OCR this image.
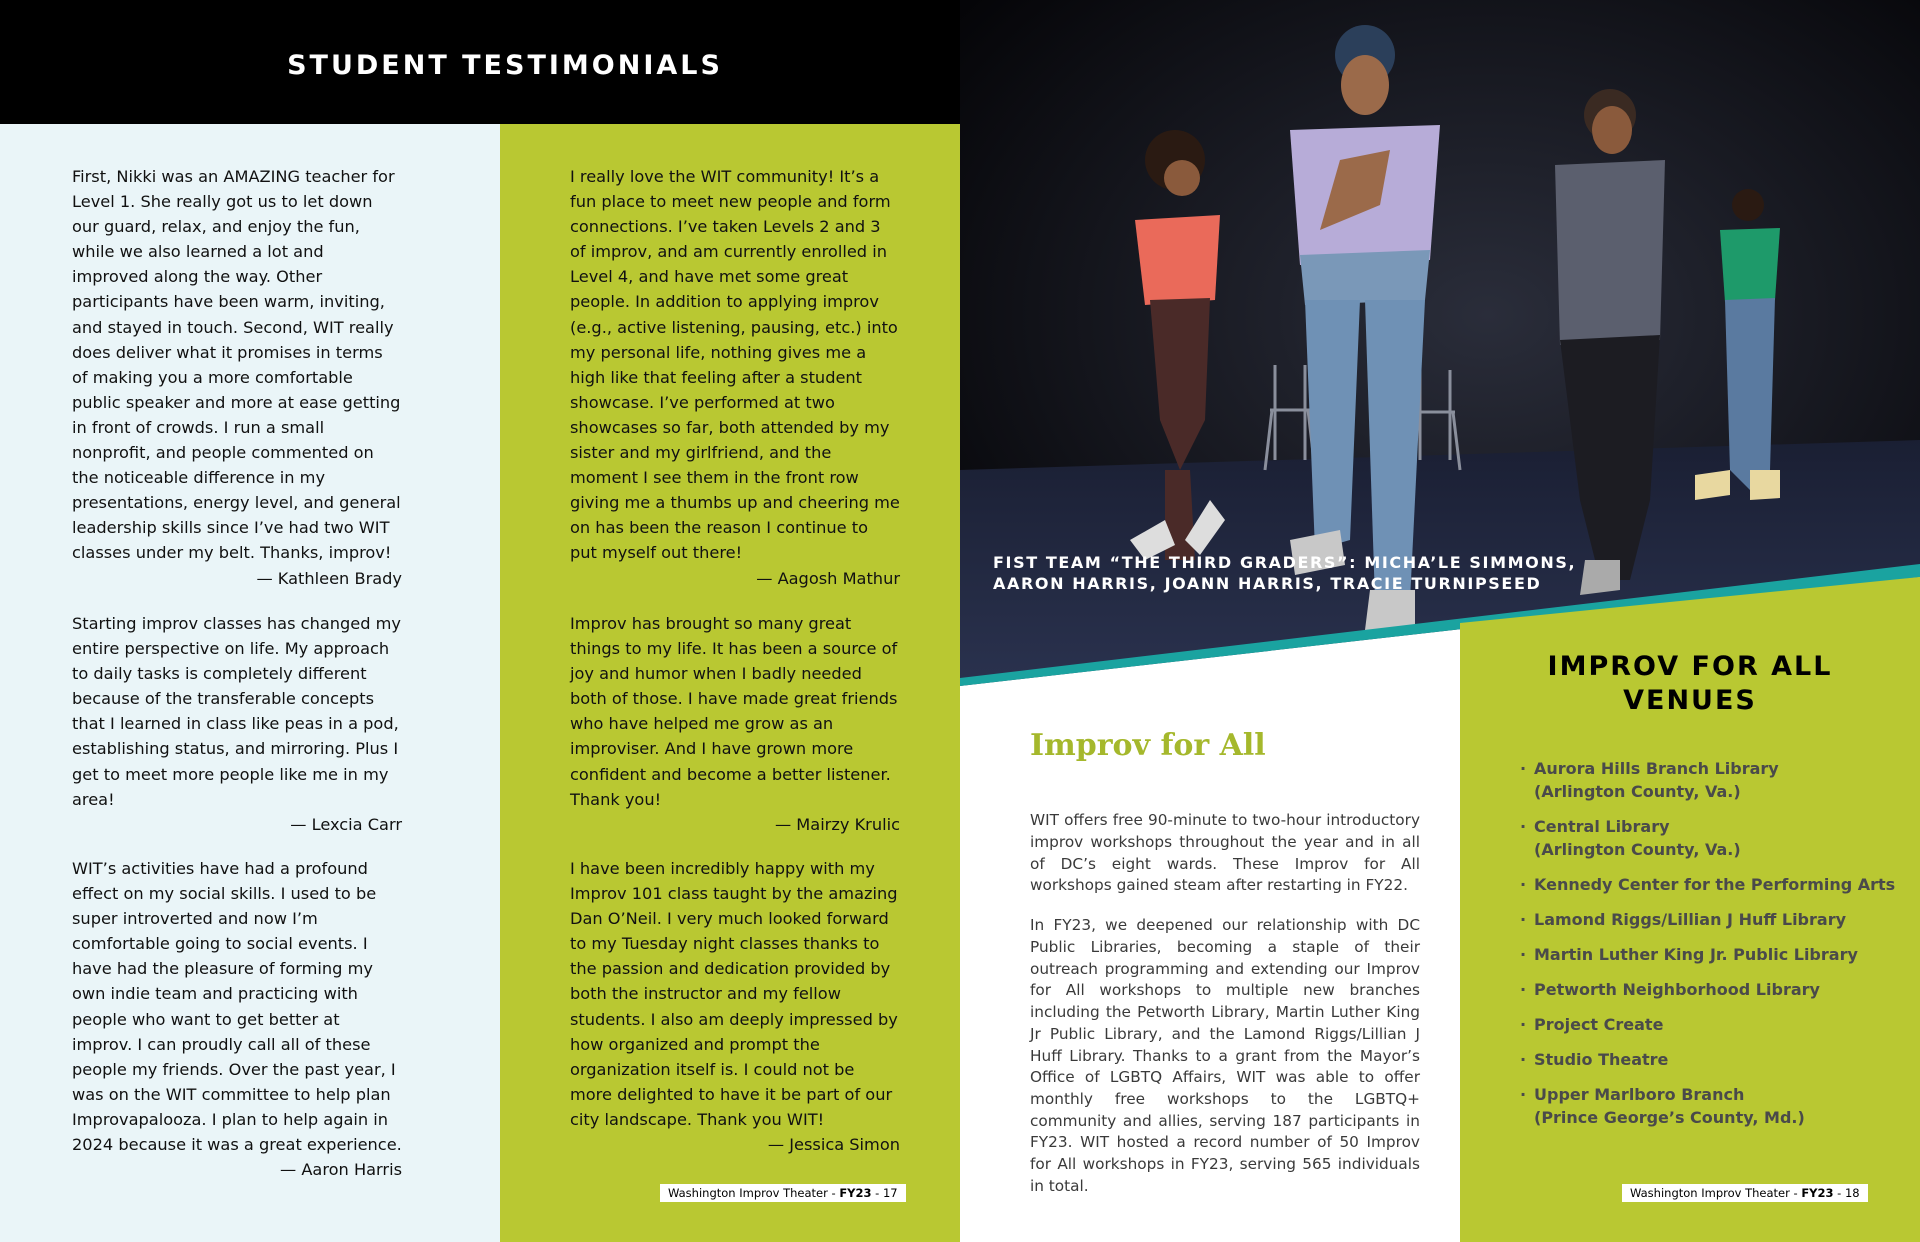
STUDENT TESTIMONIALS

First, Nikki was an AMAZING teacher for Level 1. She really got us to let down our guard, relax, and enjoy the fun, while we also learned a lot and improved along the way. Other participants have been warm, inviting, and stayed in touch. Second, WIT really does deliver what it promises in terms of making you a more comfortable public speaker and more at ease getting in front of crowds. I run a small nonprofit, and people commented on the noticeable difference in my presentations, energy level, and general leadership skills since I’ve had two WIT classes under my belt. Thanks, improv!

— Kathleen Brady

Starting improv classes has changed my entire perspective on life. My approach to daily tasks is completely different because of the transferable concepts that I learned in class like peas in a pod, establishing status, and mirroring. Plus I get to meet more people like me in my area!

— Lexcia Carr

WIT’s activities have had a profound effect on my social skills. I used to be super introverted and now I’m comfortable going to social events. I have had the pleasure of forming my own indie team and practicing with people who want to get better at improv. I can proudly call all of these people my friends. Over the past year, I was on the WIT committee to help plan Improvapalooza. I plan to help again in 2024 because it was a great experience.

— Aaron Harris

I really love the WIT community! It’s a fun place to meet new people and form connections. I’ve taken Levels 2 and 3 of improv, and am currently enrolled in Level 4, and have met some great people. In addition to applying improv (e.g., active listening, pausing, etc.) into my personal life, nothing gives me a high like that feeling after a student showcase. I’ve performed at two showcases so far, both attended by my sister and my girlfriend, and the moment I see them in the front row giving me a thumbs up and cheering me on has been the reason I continue to put myself out there!

— Aagosh Mathur

Improv has brought so many great things to my life. It has been a source of joy and humor when I badly needed both of those. I have made great friends who have helped me grow as an improviser. And I have grown more confident and become a better listener. Thank you!

— Mairzy Krulic

I have been incredibly happy with my Improv 101 class taught by the amazing Dan O’Neil. I very much looked forward to my Tuesday night classes thanks to the passion and dedication provided by both the instructor and my fellow students. I also am deeply impressed by how organized and prompt the organization itself is. I could not be more delighted to have it be part of our city landscape. Thank you WIT!

— Jessica Simon

Washington Improv Theater - FY23 - 17
FIST TEAM “THE THIRD GRADERS”: MICHA’LE SIMMONS, AARON HARRIS, JOANN HARRIS, TRACIE TURNIPSEED
Improv for All

WIT offers free 90-minute to two-hour introductory improv workshops throughout the year and in all of DC’s eight wards. These Improv for All workshops gained steam after restarting in FY22.

In FY23, we deepened our relationship with DC Public Libraries, becoming a staple of their outreach programming and extending our Improv for All workshops to multiple new branches including the Petworth Library, Martin Luther King Jr Public Library, and the Lamond Riggs/Lillian J Huff Library. Thanks to a grant from the Mayor’s Office of LGBTQ Affairs, WIT was able to offer monthly free workshops to the LGBTQ+ community and allies, serving 187 participants in FY23. WIT hosted a record number of 50 Improv for All workshops in FY23, serving 565 individuals in total.

IMPROV FOR ALL
VENUES
· Aurora Hills Branch Library
(Arlington County, Va.)
· Central Library
(Arlington County, Va.)
· Kennedy Center for the Performing Arts
· Lamond Riggs/Lillian J Huff Library
· Martin Luther King Jr. Public Library
· Petworth Neighborhood Library
· Project Create
· Studio Theatre
· Upper Marlboro Branch
(Prince George’s County, Md.)
Washington Improv Theater - FY23 - 18
